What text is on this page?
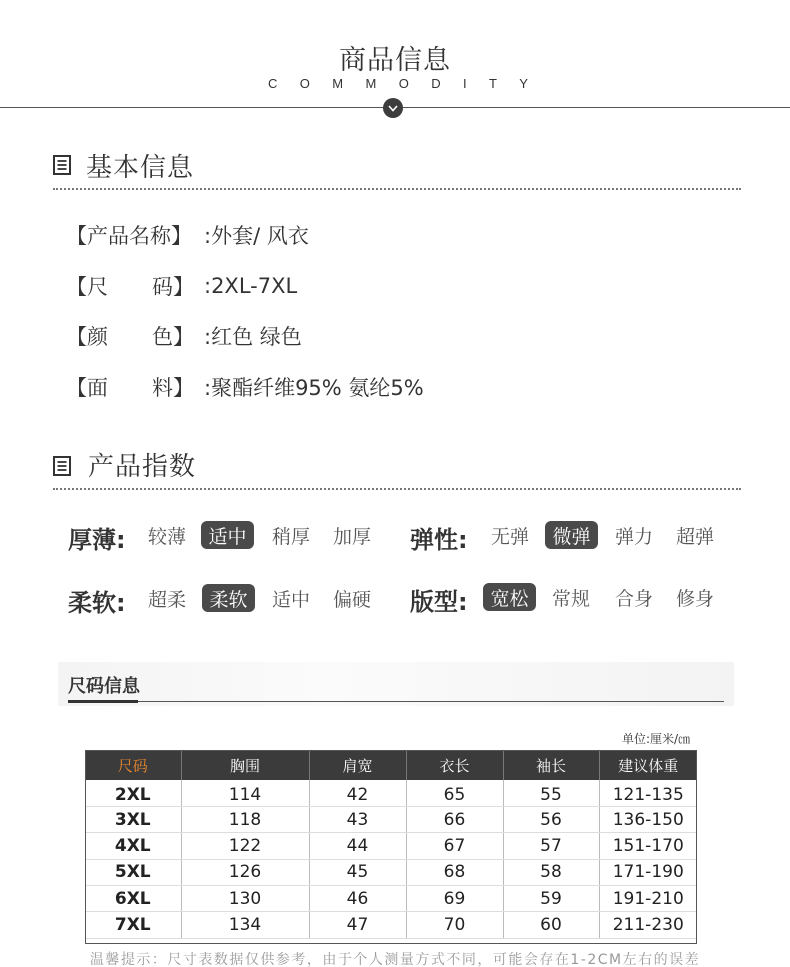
商品信息
C O M M O D I T Y
基本信息
【产品名称】 :外套/ 风衣
【尺 码】 :2XL-7XL
【颜 色】 :红色 绿色
【面 料】 :聚酯纤维95% 氨纶5%
产品指数
厚薄: 较薄	适中	稍厚 加厚 弹性: 无弹	微弹	弹力 超弹
柔软: 超柔	柔软	适中 偏硬 版型:	宽松	常规 合身 修身
尺码信息
单位:厘米/㎝
尺码	胸围	肩宽	衣长	袖长	建议体重
2XL	114	42	65	55	121-135
3XL	118	43	66	56	136-150
4XL	122	44	67	57	151-170
5XL	126	45	68	58	171-190
6XL	130	46	69	59	191-210
7XL	134	47	70	60	211-230
温馨提示：尺寸表数据仅供参考，由于个人测量方式不同，可能会存在1-2CM左右的误差
